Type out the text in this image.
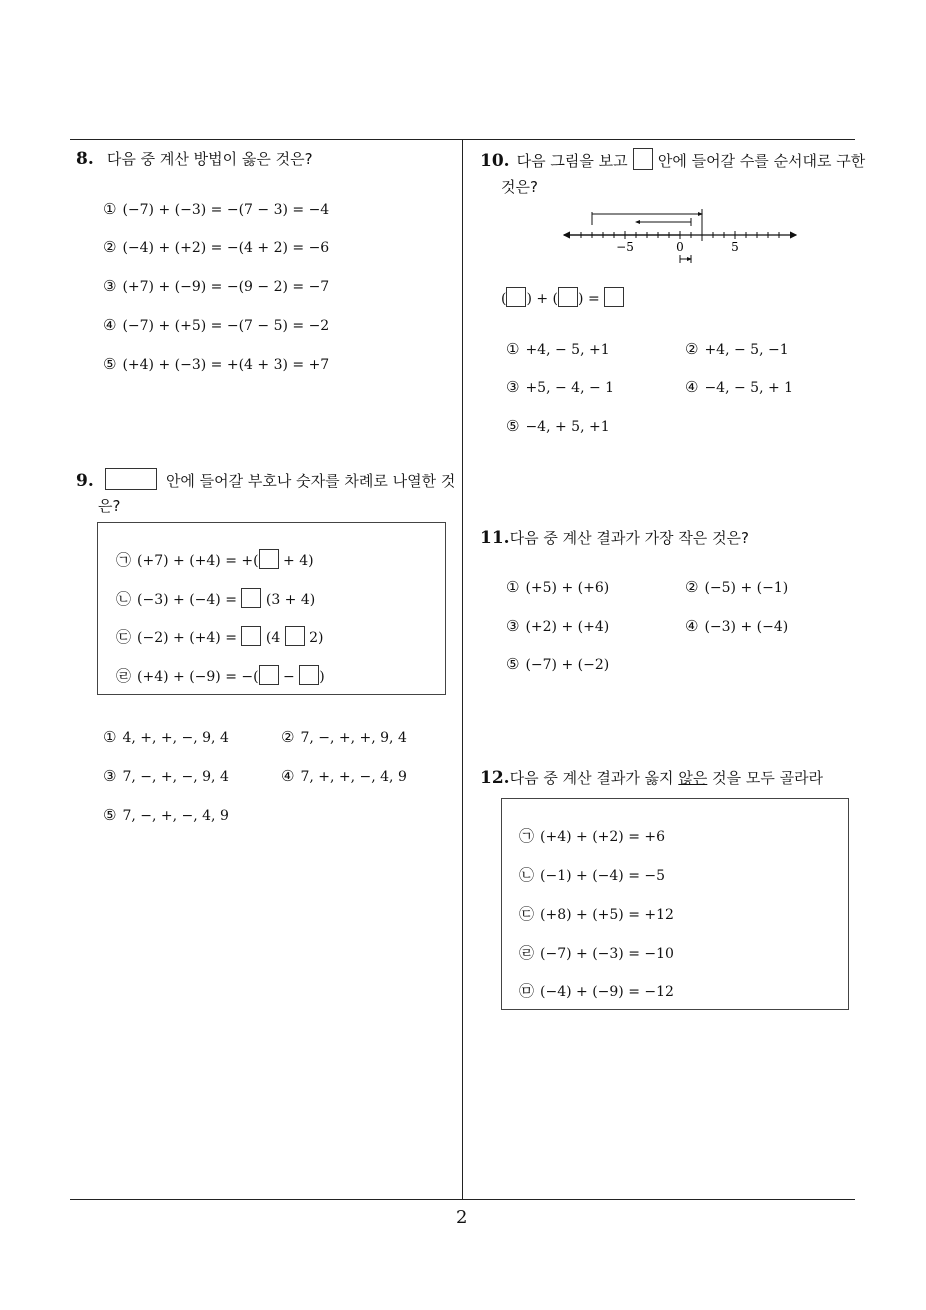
8. 다음 중 계산 방법이 옳은 것은?
① (−7) + (−3) = −(7 − 3) = −4
② (−4) + (+2) = −(4 + 2) = −6
③ (+7) + (−9) = −(9 − 2) = −7
④ (−7) + (+5) = −(7 − 5) = −2
⑤ (+4) + (−3) = +(4 + 3) = +7
9.	안에 들어갈 부호나 숫자를 차례로 나열한 것
은?
㉠ (+7) + (+4) = +( + 4)
㉡ (−3) + (−4) =  (3 + 4)
㉢ (−2) + (+4) =  (4  2)
㉣ (+4) + (−9) = −( − )
① 4, +, +, −, 9, 4	② 7, −, +, +, 9, 4
③ 7, −, +, −, 9, 4	④ 7, +, +, −, 4, 9
⑤ 7, −, +, −, 4, 9
10. 다음 그림을 보고 안에 들어갈 수를 순서대로 구한
것은?
−5	0	5
( ) + ( ) =
① +4, − 5, +1	② +4, − 5, −1
③ +5, − 4, − 1	④ −4, − 5, + 1
⑤ −4, + 5, +1
11.다음 중 계산 결과가 가장 작은 것은?
① (+5) + (+6)	② (−5) + (−1)
③ (+2) + (+4)	④ (−3) + (−4)
⑤ (−7) + (−2)
12.다음 중 계산 결과가 옳지 않은 것을 모두 골라라
㉠ (+4) + (+2) = +6
㉡ (−1) + (−4) = −5
㉢ (+8) + (+5) = +12
㉣ (−7) + (−3) = −10
㉤ (−4) + (−9) = −12
2
